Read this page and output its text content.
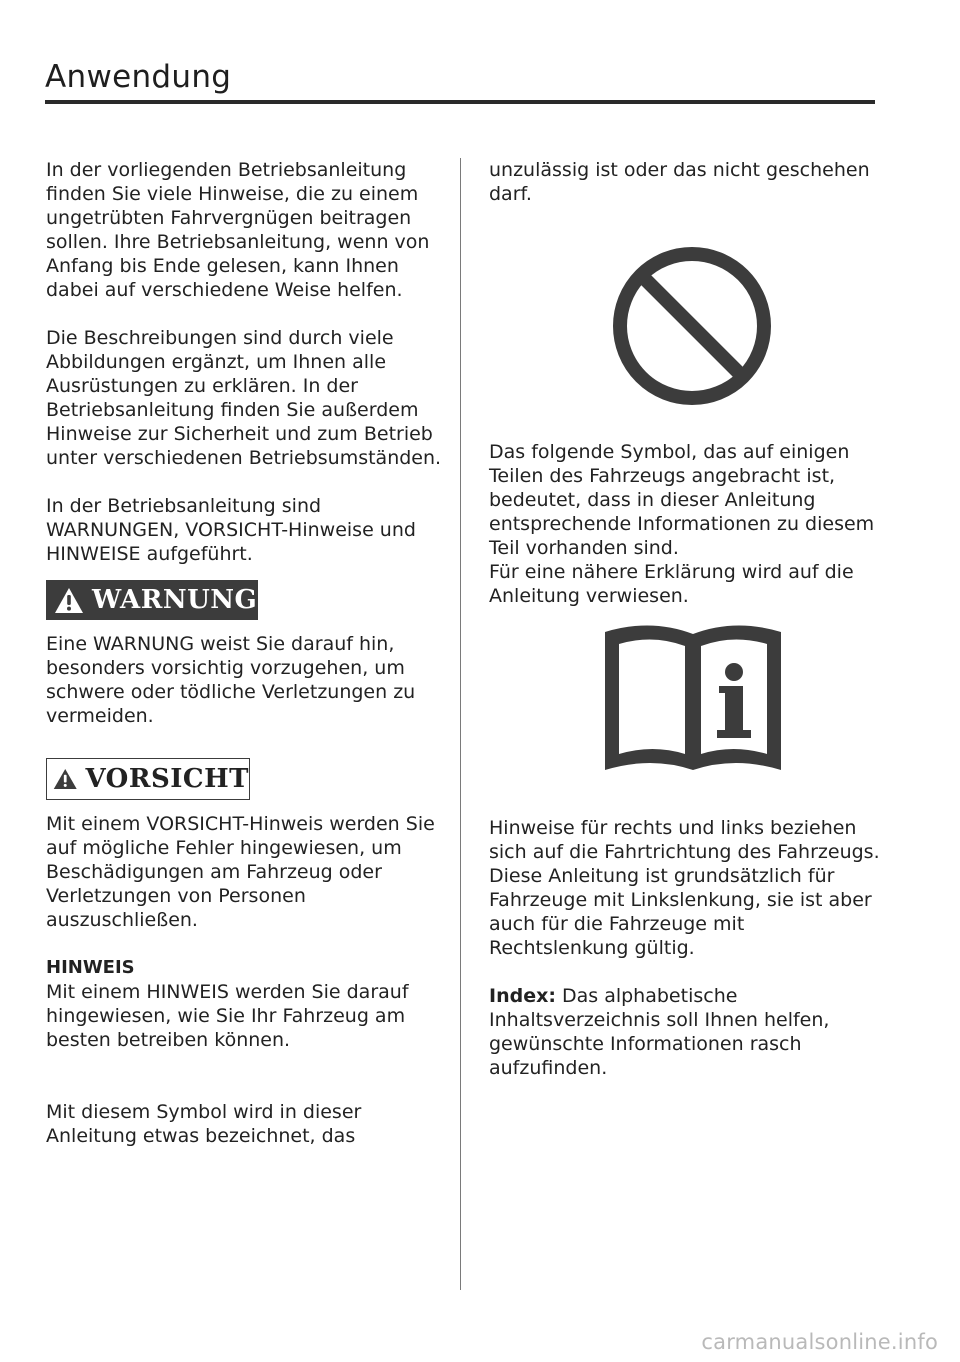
Anwendung

In der vorliegenden Betriebsanleitung finden Sie viele Hinweise, die zu einem ungetrübten Fahrvergnügen beitragen sollen. Ihre Betriebsanleitung, wenn von Anfang bis Ende gelesen, kann Ihnen dabei auf verschiedene Weise helfen.

Die Beschreibungen sind durch viele Abbildungen ergänzt, um Ihnen alle Ausrüstungen zu erklären. In der Betriebsanleitung finden Sie außerdem Hinweise zur Sicherheit und zum Betrieb unter verschiedenen Betriebsumständen.

In der Betriebsanleitung sind WARNUNGEN, VORSICHT-Hinweise und HINWEISE aufgeführt.

WARNUNG

Eine WARNUNG weist Sie darauf hin, besonders vorsichtig vorzugehen, um schwere oder tödliche Verletzungen zu vermeiden.

VORSICHT

Mit einem VORSICHT-Hinweis werden Sie auf mögliche Fehler hingewiesen, um Beschädigungen am Fahrzeug oder Verletzungen von Personen auszuschließen.

HINWEIS

Mit einem HINWEIS werden Sie darauf hingewiesen, wie Sie Ihr Fahrzeug am besten betreiben können.

Mit diesem Symbol wird in dieser Anleitung etwas bezeichnet, das

unzulässig ist oder das nicht geschehen darf.

Das folgende Symbol, das auf einigen Teilen des Fahrzeugs angebracht ist, bedeutet, dass in dieser Anleitung entsprechende Informationen zu diesem Teil vorhanden sind.
Für eine nähere Erklärung wird auf die Anleitung verwiesen.

Hinweise für rechts und links beziehen sich auf die Fahrtrichtung des Fahrzeugs. Diese Anleitung ist grundsätzlich für Fahrzeuge mit Linkslenkung, sie ist aber auch für die Fahrzeuge mit Rechtslenkung gültig.

Index: Das alphabetische Inhaltsverzeichnis soll Ihnen helfen, gewünschte Informationen rasch aufzufinden.

carmanualsonline.info
